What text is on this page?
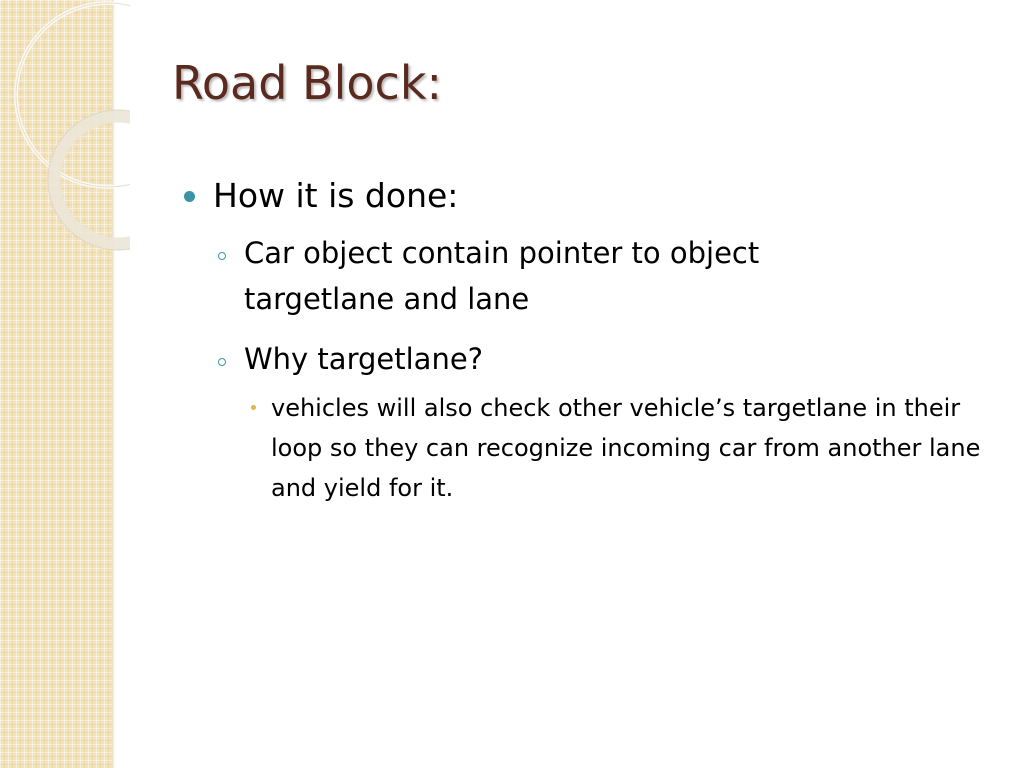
Road Block:
How it is done:
Car object contain pointer to object targetlane and lane
Why targetlane?
vehicles will also check other vehicle’s targetlane in their loop so they can recognize incoming car from another lane and yield for it.
